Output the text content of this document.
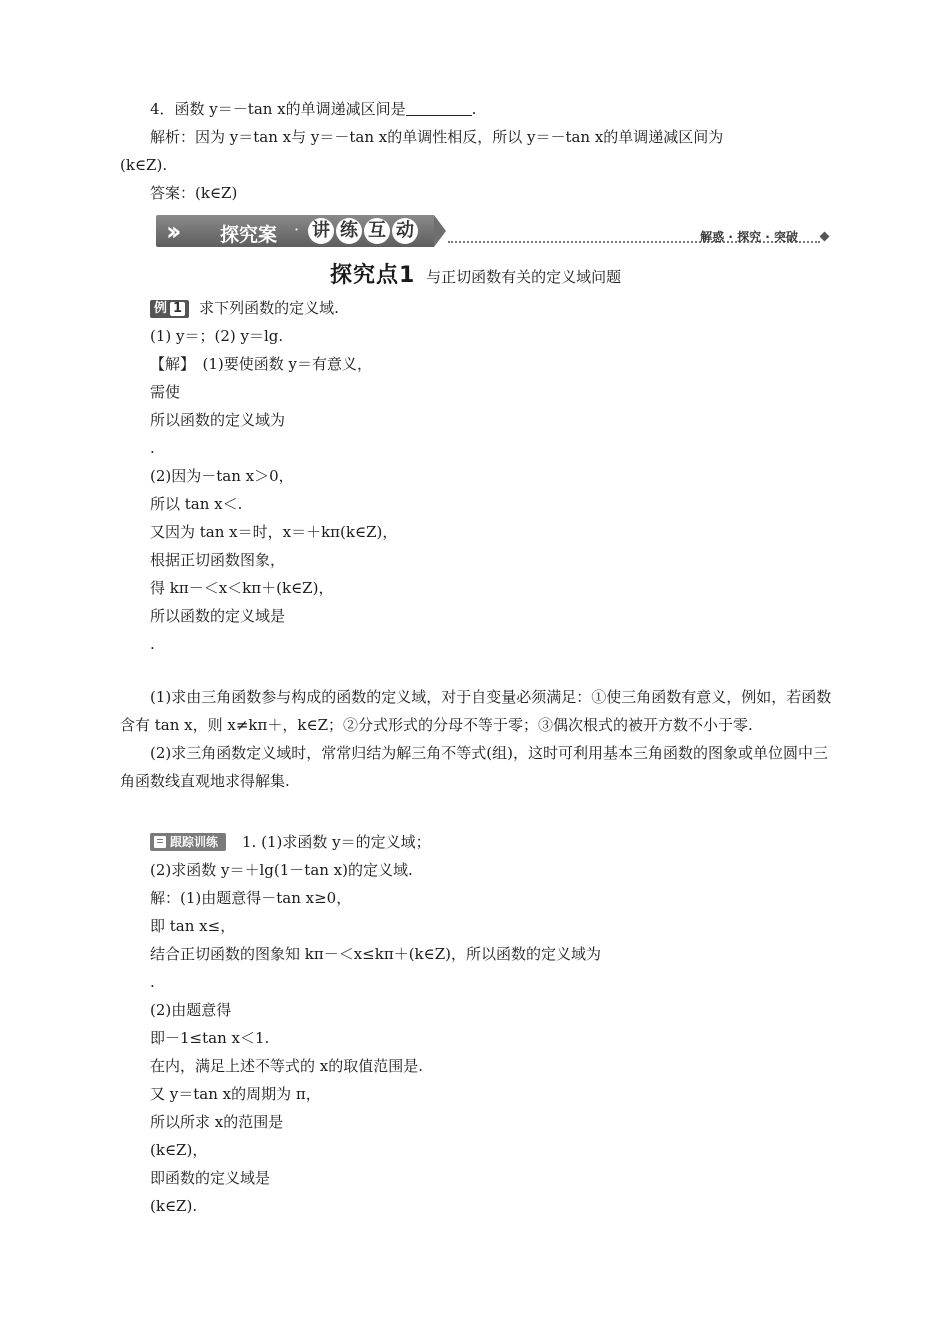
4．函数 y＝－tan x的单调递减区间是	.
解析：因为 y＝tan x与 y＝－tan x的单调性相反，所以 y＝－tan x的单调递减区间为
(k∈Z).
答案：(k∈Z)
›› 探究案 · 讲 练 互 动	解惑 · 探究 · 突破
探究点1 与正切函数有关的定义域问题
例 1 求下列函数的定义域.
(1) y＝；(2) y＝lg.
【解】　(1)要使函数 y＝有意义，
需使
所以函数的定义域为
.
(2)因为－tan x＞0，
所以 tan x＜.
又因为 tan x＝时，x＝＋kπ(k∈Z)，
根据正切函数图象，
得 kπ－＜x＜kπ＋(k∈Z)，
所以函数的定义域是
.

(1)求由三角函数参与构成的函数的定义域，对于自变量必须满足：①使三角函数有意义，例如，若函数含有 tan x，则 x≠kπ＋，k∈Z；②分式形式的分母不等于零；③偶次根式的被开方数不小于零.

(2)求三角函数定义域时，常常归结为解三角不等式(组)，这时可利用基本三角函数的图象或单位圆中三角函数线直观地求得解集.

跟踪训练 1. (1)求函数 y＝的定义域；
(2)求函数 y＝＋lg(1－tan x)的定义域.
解：(1)由题意得－tan x≥0，
即 tan x≤，
结合正切函数的图象知 kπ－＜x≤kπ＋(k∈Z)，所以函数的定义域为
.
(2)由题意得
即－1≤tan x＜1.
在内，满足上述不等式的 x的取值范围是.
又 y＝tan x的周期为 π，
所以所求 x的范围是
(k∈Z)，
即函数的定义域是
(k∈Z).
